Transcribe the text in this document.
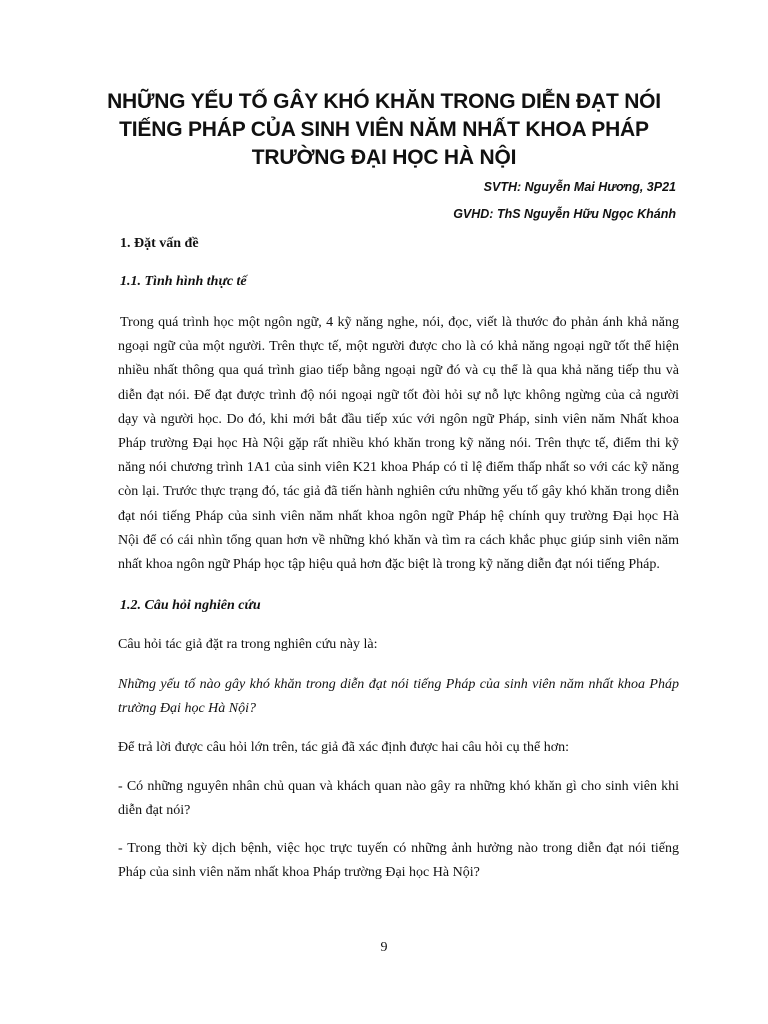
NHỮNG YẾU TỐ GÂY KHÓ KHĂN TRONG DIỄN ĐẠT NÓI
TIẾNG PHÁP CỦA SINH VIÊN NĂM NHẤT KHOA PHÁP
TRƯỜNG ĐẠI HỌC HÀ NỘI
SVTH: Nguyễn Mai Hương, 3P21
GVHD: ThS Nguyễn Hữu Ngọc Khánh
1. Đặt vấn đề
1.1. Tình hình thực tế

Trong quá trình học một ngôn ngữ, 4 kỹ năng nghe, nói, đọc, viết là thước đo phản ánh khả năng ngoại ngữ của một người. Trên thực tế, một người được cho là có khả năng ngoại ngữ tốt thể hiện nhiều nhất thông qua quá trình giao tiếp bằng ngoại ngữ đó và cụ thể là qua khả năng tiếp thu và diễn đạt nói. Để đạt được trình độ nói ngoại ngữ tốt đòi hỏi sự nỗ lực không ngừng của cả người dạy và người học. Do đó, khi mới bắt đầu tiếp xúc với ngôn ngữ Pháp, sinh viên năm Nhất khoa Pháp trường Đại học Hà Nội gặp rất nhiều khó khăn trong kỹ năng nói. Trên thực tế, điểm thi kỹ năng nói chương trình 1A1 của sinh viên K21 khoa Pháp có tỉ lệ điểm thấp nhất so với các kỹ năng còn lại. Trước thực trạng đó, tác giả đã tiến hành nghiên cứu những yếu tố gây khó khăn trong diễn đạt nói tiếng Pháp của sinh viên năm nhất khoa ngôn ngữ Pháp hệ chính quy trường Đại học Hà Nội để có cái nhìn tổng quan hơn về những khó khăn và tìm ra cách khắc phục giúp sinh viên năm nhất khoa ngôn ngữ Pháp học tập hiệu quả hơn đặc biệt là trong kỹ năng diễn đạt nói tiếng Pháp.

1.2. Câu hỏi nghiên cứu

Câu hỏi tác giả đặt ra trong nghiên cứu này là:

Những yếu tố nào gây khó khăn trong diễn đạt nói tiếng Pháp của sinh viên năm nhất khoa Pháp trường Đại học Hà Nội?

Để trả lời được câu hỏi lớn trên, tác giả đã xác định được hai câu hỏi cụ thể hơn:

- Có những nguyên nhân chủ quan và khách quan nào gây ra những khó khăn gì cho sinh viên khi diễn đạt nói?

- Trong thời kỳ dịch bệnh, việc học trực tuyến có những ảnh hưởng nào trong diễn đạt nói tiếng Pháp của sinh viên năm nhất khoa Pháp trường Đại học Hà Nội?

9
